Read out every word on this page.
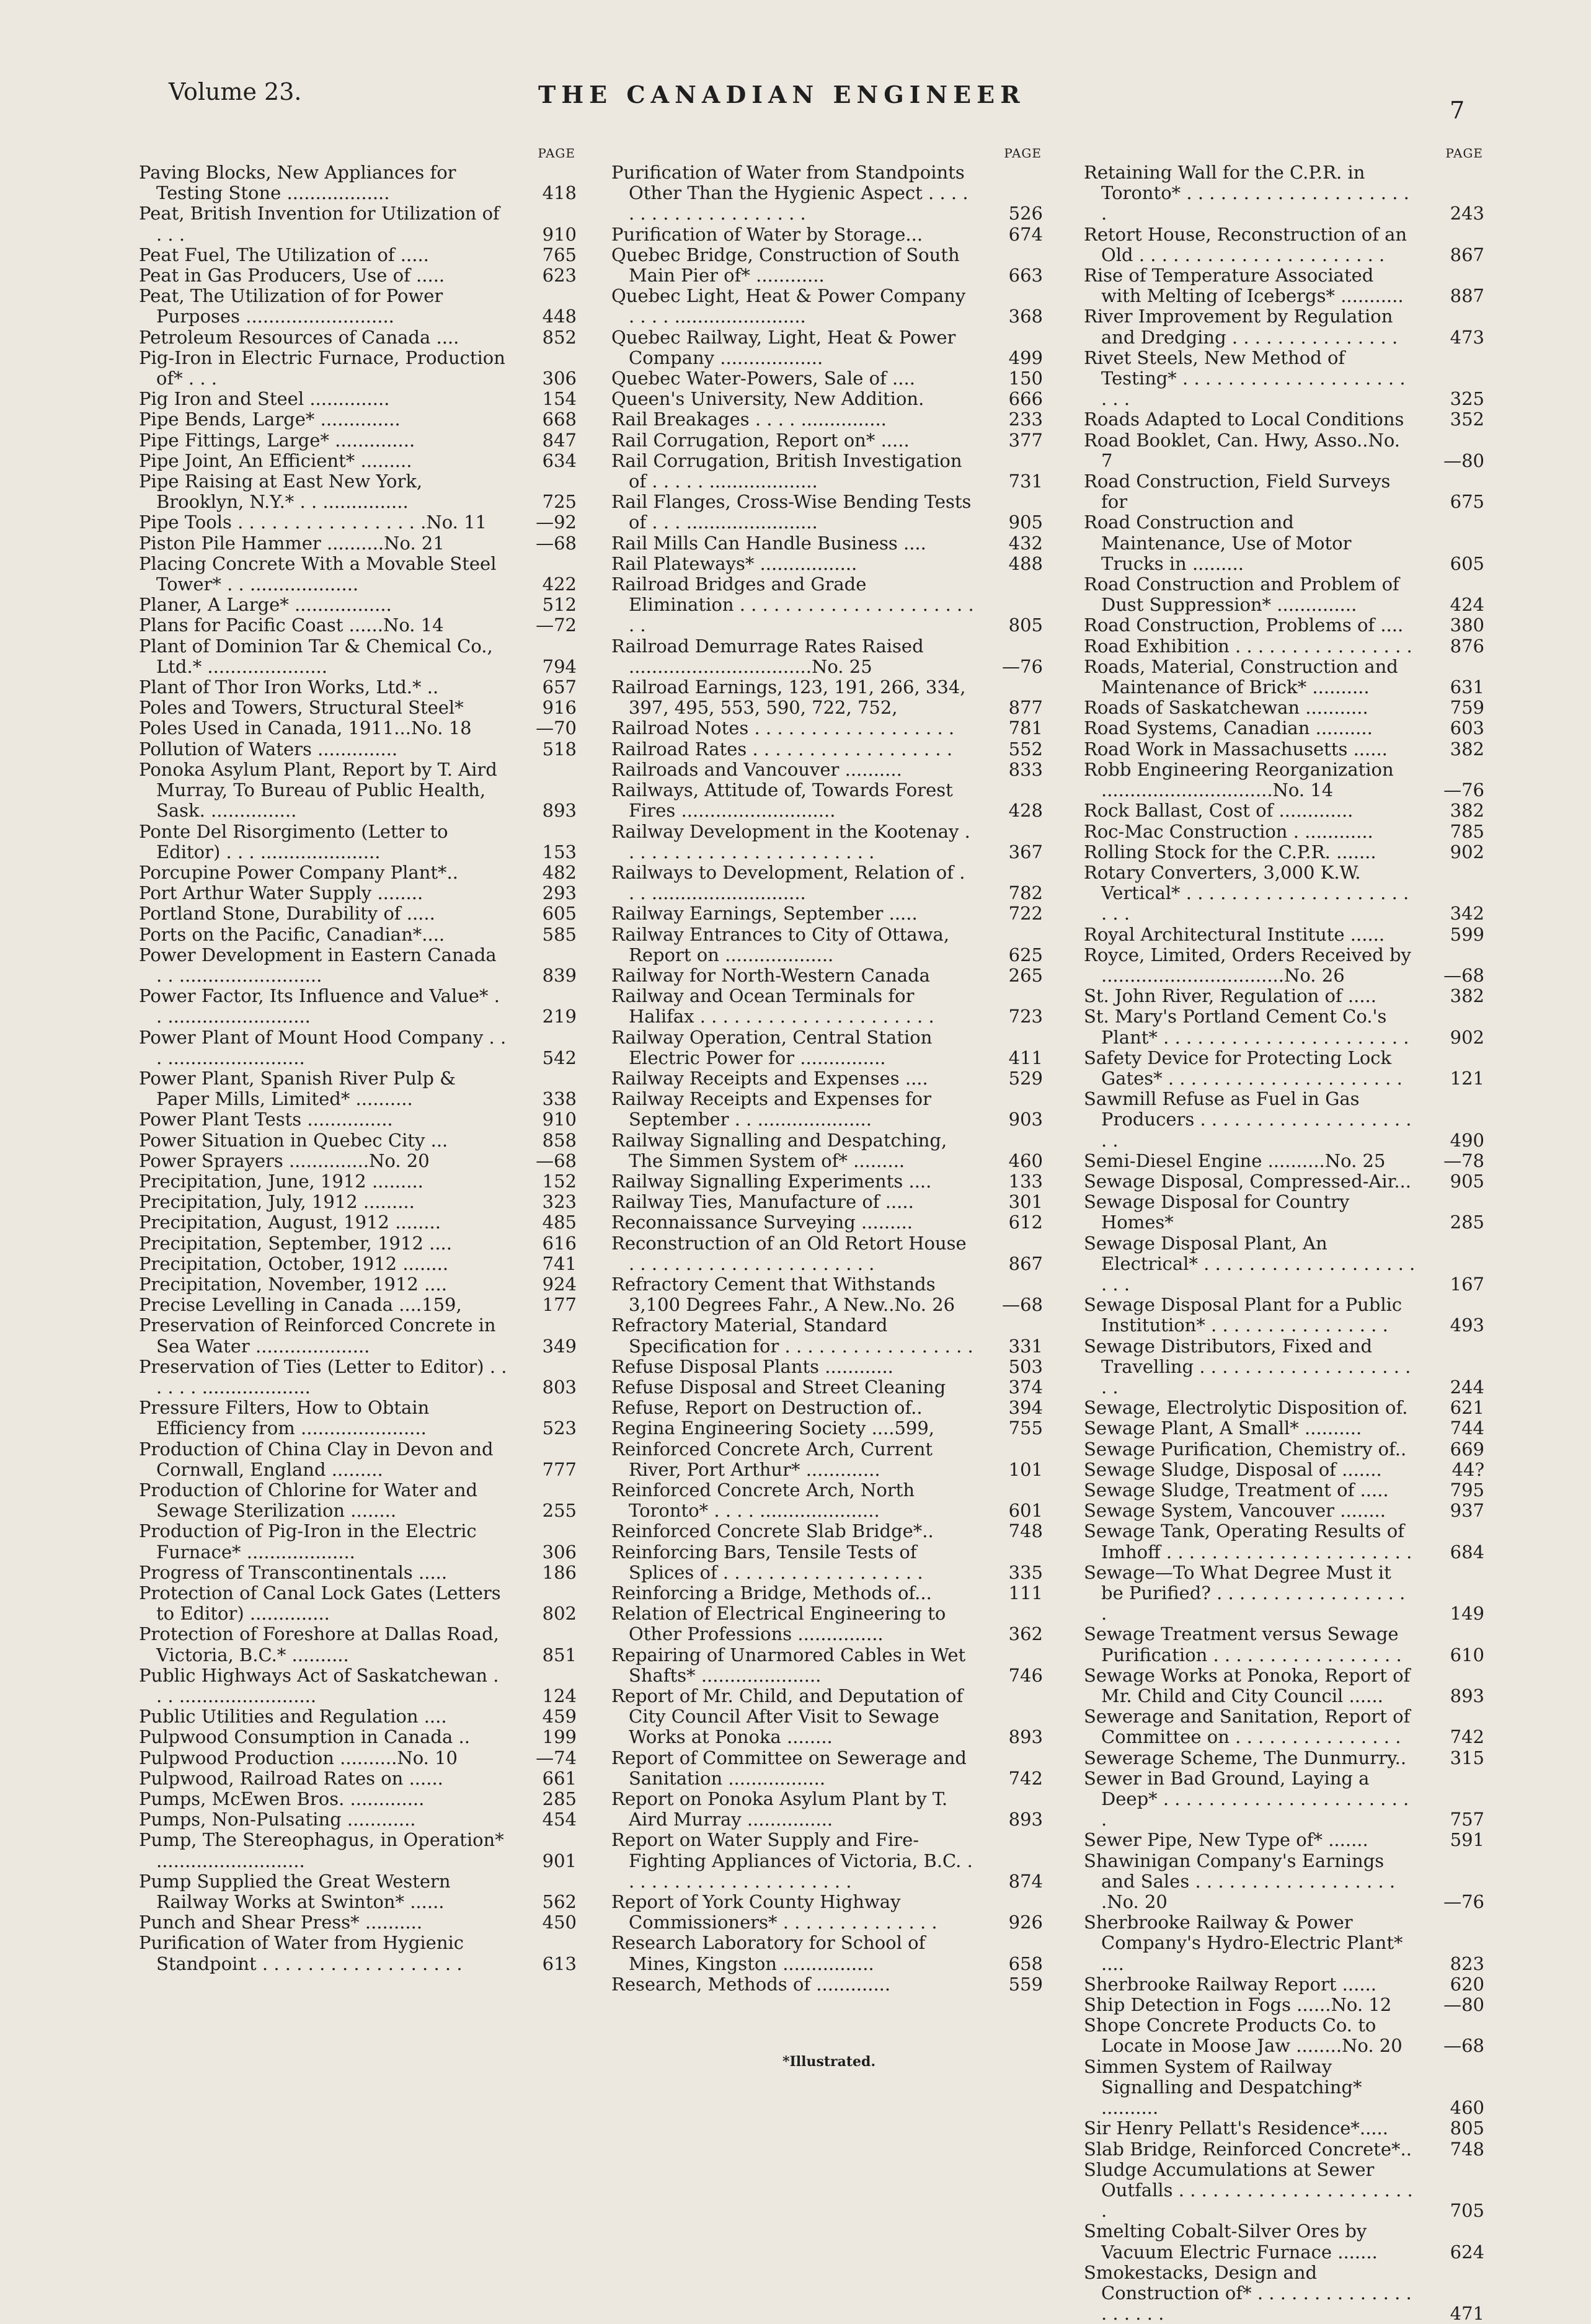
Volume 23.	THE CANADIAN ENGINEER
7
PAGE
Paving Blocks, New Appliances for Testing Stone ..................	418
Peat, British Invention for Utilization of . . .	910
Peat Fuel, The Utilization of .....	765
Peat in Gas Producers, Use of .....	623
Peat, The Utilization of for Power Purposes ..........................	448
Petroleum Resources of Canada ....	852
Pig-Iron in Electric Furnace, Production of* . . .	306
Pig Iron and Steel ..............	154
Pipe Bends, Large* ..............	668
Pipe Fittings, Large* ..............	847
Pipe Joint, An Efficient* .........	634
Pipe Raising at East New York, Brooklyn, N.Y.* . . ...............	725
Pipe Tools . . . . . . . . . . . . . . . . .No. 11	—92
Piston Pile Hammer ..........No. 21	—68
Placing Concrete With a Movable Steel Tower* . . ...................	422
Planer, A Large* .................	512
Plans for Pacific Coast ......No. 14	—72
Plant of Dominion Tar & Chemical Co., Ltd.* .....................	794
Plant of Thor Iron Works, Ltd.* ..	657
Poles and Towers, Structural Steel*	916
Poles Used in Canada, 1911...No. 18	—70
Pollution of Waters ..............	518
Ponoka Asylum Plant, Report by T. Aird Murray, To Bureau of Public Health, Sask. ...............	893
Ponte Del Risorgimento (Letter to Editor) . . . .....................	153
Porcupine Power Company Plant*..	482
Port Arthur Water Supply ........	293
Portland Stone, Durability of .....	605
Ports on the Pacific, Canadian*....	585
Power Development in Eastern Canada . . .........................	839
Power Factor, Its Influence and Value* . . .........................	219
Power Plant of Mount Hood Company . . . ........................	542
Power Plant, Spanish River Pulp & Paper Mills, Limited* ..........	338
Power Plant Tests ...............	910
Power Situation in Quebec City ...	858
Power Sprayers ..............No. 20	—68
Precipitation, June, 1912 .........	152
Precipitation, July, 1912 .........	323
Precipitation, August, 1912 ........	485
Precipitation, September, 1912 ....	616
Precipitation, October, 1912 ........	741
Precipitation, November, 1912 ....	924
Precise Levelling in Canada ....159,	177
Preservation of Reinforced Concrete in Sea Water ....................	349
Preservation of Ties (Letter to Editor) . . . . . . ...................	803
Pressure Filters, How to Obtain Efficiency from ......................	523
Production of China Clay in Devon and Cornwall, England .........	777
Production of Chlorine for Water and Sewage Sterilization ........	255
Production of Pig-Iron in the Electric Furnace* ...................	306
Progress of Transcontinentals .....	186
Protection of Canal Lock Gates (Letters to Editor) ..............	802
Protection of Foreshore at Dallas Road, Victoria, B.C.* ..........	851
Public Highways Act of Saskatchewan . . . ........................	124
Public Utilities and Regulation ....	459
Pulpwood Consumption in Canada ..	199
Pulpwood Production ..........No. 10	—74
Pulpwood, Railroad Rates on ......	661
Pumps, McEwen Bros. .............	285
Pumps, Non-Pulsating ............	454
Pump, The Stereophagus, in Operation* ..........................	901
Pump Supplied the Great Western Railway Works at Swinton* ......	562
Punch and Shear Press* ..........	450
Purification of Water from Hygienic Standpoint . . . . . . . . . . . . . . . . . .	613
PAGE
Purification of Water from Standpoints Other Than the Hygienic Aspect . . . . . . . . . . . . . . . . . . . .	526
Purification of Water by Storage...	674
Quebec Bridge, Construction of South Main Pier of* ............	663
Quebec Light, Heat & Power Company . . . . .......................	368
Quebec Railway, Light, Heat & Power Company ..................	499
Quebec Water-Powers, Sale of ....	150
Queen's University, New Addition.	666
Rail Breakages . . . . ...............	233
Rail Corrugation, Report on* .....	377
Rail Corrugation, British Investigation of . . . . . ...................	731
Rail Flanges, Cross-Wise Bending Tests of . . . .......................	905
Rail Mills Can Handle Business ....	432
Rail Plateways* .................	488
Railroad Bridges and Grade Elimination . . . . . . . . . . . . . . . . . . . . . . .	805
Railroad Demurrage Rates Raised ................................No. 25	—76
Railroad Earnings, 123, 191, 266, 334, 397, 495, 553, 590, 722, 752,	877
Railroad Notes . . . . . . . . . . . . . . . . . .	781
Railroad Rates . . . . . . . . . . . . . . . . . .	552
Railroads and Vancouver ..........	833
Railways, Attitude of, Towards Forest Fires ...........................	428
Railway Development in the Kootenay . . . . . . . . . . . . . . . . . . . . . . .	367
Railways to Development, Relation of . . . ...........................	782
Railway Earnings, September .....	722
Railway Entrances to City of Ottawa, Report on ...................	625
Railway for North-Western Canada	265
Railway and Ocean Terminals for Halifax . . . . . . . . . . . . . . . . . . . . .	723
Railway Operation, Central Station Electric Power for ...............	411
Railway Receipts and Expenses ....	529
Railway Receipts and Expenses for September . . ....................	903
Railway Signalling and Despatching, The Simmen System of* .........	460
Railway Signalling Experiments ....	133
Railway Ties, Manufacture of .....	301
Reconnaissance Surveying .........	612
Reconstruction of an Old Retort House . . . . . . . . . . . . . . . . . . . . . .	867
Refractory Cement that Withstands 3,100 Degrees Fahr., A New..No. 26	—68
Refractory Material, Standard Specification for . . . . . . . . . . . . . . . . . 331
Refuse Disposal Plants ............	503
Refuse Disposal and Street Cleaning	374
Refuse, Report on Destruction of..	394
Regina Engineering Society ....599,	755
Reinforced Concrete Arch, Current River, Port Arthur* .............	101
Reinforced Concrete Arch, North Toronto* . . . . .....................	601
Reinforced Concrete Slab Bridge*..	748
Reinforcing Bars, Tensile Tests of Splices of . . . . . . . . . . . . . . . . . .	335
Reinforcing a Bridge, Methods of...	111
Relation of Electrical Engineering to Other Professions ...............	362
Repairing of Unarmored Cables in Wet Shafts* .....................	746
Report of Mr. Child, and Deputation of City Council After Visit to Sewage Works at Ponoka ........	893
Report of Committee on Sewerage and Sanitation .................	742
Report on Ponoka Asylum Plant by T. Aird Murray ...............	893
Report on Water Supply and Fire-Fighting Appliances of Victoria, B.C. . . . . . . . . . . . . . . . . . . . . .	874
Report of York County Highway Commissioners* . . . . . . . . . . . . . .	926
Research Laboratory for School of Mines, Kingston ................	658
Research, Methods of .............	559
PAGE
Retaining Wall for the C.P.R. in Toronto* . . . . . . . . . . . . . . . . . . . . .	243
Retort House, Reconstruction of an Old . . . . . . . . . . . . . . . . . . . . . .	867
Rise of Temperature Associated with Melting of Icebergs* ...........	887
River Improvement by Regulation and Dredging . . . . . . . . . . . . . . .	473
Rivet Steels, New Method of Testing* . . . . . . . . . . . . . . . . . . . . . . .	325
Roads Adapted to Local Conditions	352
Road Booklet, Can. Hwy, Asso..No. 7	—80
Road Construction, Field Surveys for	675
Road Construction and Maintenance, Use of Motor Trucks in .........	605
Road Construction and Problem of Dust Suppression* ..............	424
Road Construction, Problems of ....	380
Road Exhibition . . . . . . . . . . . . . . . . 876
Roads, Material, Construction and Maintenance of Brick* ..........	631
Roads of Saskatchewan ...........	759
Road Systems, Canadian ..........	603
Road Work in Massachusetts ......	382
Robb Engineering Reorganization ..............................No. 14	—76
Rock Ballast, Cost of .............	382
Roc-Mac Construction . ............	785
Rolling Stock for the C.P.R. .......	902
Rotary Converters, 3,000 K.W. Vertical* . . . . . . . . . . . . . . . . . . . . . . .	342
Royal Architectural Institute ......	599
Royce, Limited, Orders Received by ................................No. 26	—68
St. John River, Regulation of .....	382
St. Mary's Portland Cement Co.'s Plant* . . . . . . . . . . . . . . . . . . . . . .	902
Safety Device for Protecting Lock Gates* . . . . . . . . . . . . . . . . . . . . .	121
Sawmill Refuse as Fuel in Gas Producers . . . . . . . . . . . . . . . . . . . . .	490
Semi-Diesel Engine ..........No. 25	—78
Sewage Disposal, Compressed-Air... 905
Sewage Disposal for Country Homes*	285
Sewage Disposal Plant, An Electrical* . . . . . . . . . . . . . . . . . . . . . .	167
Sewage Disposal Plant for a Public Institution* . . . . . . . . . . . . . . . .	493
Sewage Distributors, Fixed and Travelling . . . . . . . . . . . . . . . . . . . . .	244
Sewage, Electrolytic Disposition of.	621
Sewage Plant, A Small* ..........	744
Sewage Purification, Chemistry of..	669
Sewage Sludge, Disposal of .......	44?
Sewage Sludge, Treatment of .....	795
Sewage System, Vancouver ........	937
Sewage Tank, Operating Results of Imhoff . . . . . . . . . . . . . . . . . . . . . . 684
Sewage—To What Degree Must it be Purified? . . . . . . . . . . . . . . . . . .	149
Sewage Treatment versus Sewage Purification . . . . . . . . . . . . . . . . .	610
Sewage Works at Ponoka, Report of Mr. Child and City Council ......	893
Sewerage and Sanitation, Report of Committee on . . . . . . . . . . . . . . .	742
Sewerage Scheme, The Dunmurry..	315
Sewer in Bad Ground, Laying a Deep* . . . . . . . . . . . . . . . . . . . . . . .	757
Sewer Pipe, New Type of* .......	591
Shawinigan Company's Earnings and Sales . . . . . . . . . . . . . . . . . . .No. 20	—76
Sherbrooke Railway & Power Company's Hydro-Electric Plant* ....	823
Sherbrooke Railway Report ......	620
Ship Detection in Fogs ......No. 12	—80
Shope Concrete Products Co. to Locate in Moose Jaw ........No. 20	—68
Simmen System of Railway Signalling and Despatching* ..........	460
Sir Henry Pellatt's Residence*.....	805
Slab Bridge, Reinforced Concrete*.. 748
Sludge Accumulations at Sewer Outfalls . . . . . . . . . . . . . . . . . . . . . .	705
Smelting Cobalt-Silver Ores by Vacuum Electric Furnace .......	624
Smokestacks, Design and Construction of* . . . . . . . . . . . . . . . . . . . .	471
*Illustrated.
